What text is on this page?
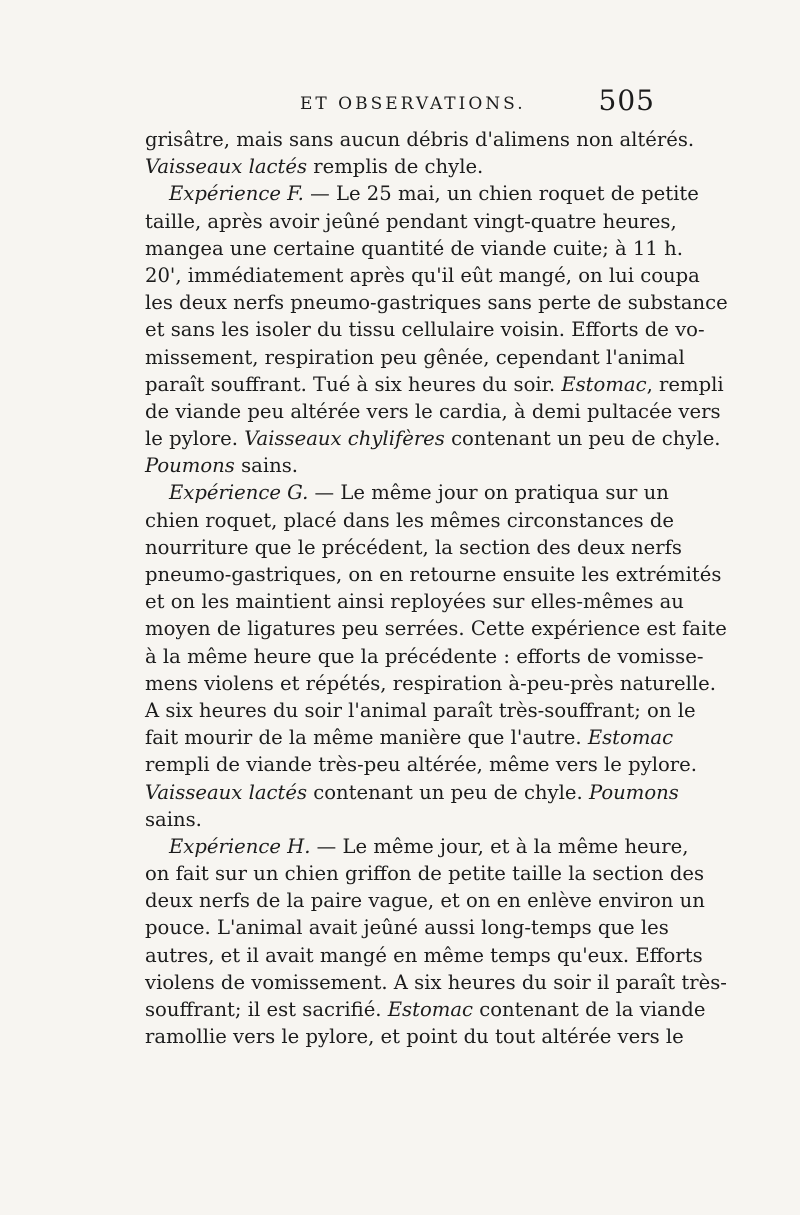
ET OBSERVATIONS.	505
grisâtre, mais sans aucun débris d'alimens non altérés.
Vaisseaux lactés remplis de chyle.
Expérience F. — Le 25 mai, un chien roquet de petite
taille, après avoir jeûné pendant vingt-quatre heures,
mangea une certaine quantité de viande cuite; à 11 h.
20', immédiatement après qu'il eût mangé, on lui coupa
les deux nerfs pneumo-gastriques sans perte de substance
et sans les isoler du tissu cellulaire voisin. Efforts de vo-
missement, respiration peu gênée, cependant l'animal
paraît souffrant. Tué à six heures du soir. Estomac, rempli
de viande peu altérée vers le cardia, à demi pultacée vers
le pylore. Vaisseaux chylifères contenant un peu de chyle.
Poumons sains.
Expérience G. — Le même jour on pratiqua sur un
chien roquet, placé dans les mêmes circonstances de
nourriture que le précédent, la section des deux nerfs
pneumo-gastriques, on en retourne ensuite les extrémités
et on les maintient ainsi reployées sur elles-mêmes au
moyen de ligatures peu serrées. Cette expérience est faite
à la même heure que la précédente : efforts de vomisse-
mens violens et répétés, respiration à-peu-près naturelle.
A six heures du soir l'animal paraît très-souffrant; on le
fait mourir de la même manière que l'autre. Estomac
rempli de viande très-peu altérée, même vers le pylore.
Vaisseaux lactés contenant un peu de chyle. Poumons
sains.
Expérience H. — Le même jour, et à la même heure,
on fait sur un chien griffon de petite taille la section des
deux nerfs de la paire vague, et on en enlève environ un
pouce. L'animal avait jeûné aussi long-temps que les
autres, et il avait mangé en même temps qu'eux. Efforts
violens de vomissement. A six heures du soir il paraît très-
souffrant; il est sacrifié. Estomac contenant de la viande
ramollie vers le pylore, et point du tout altérée vers le
